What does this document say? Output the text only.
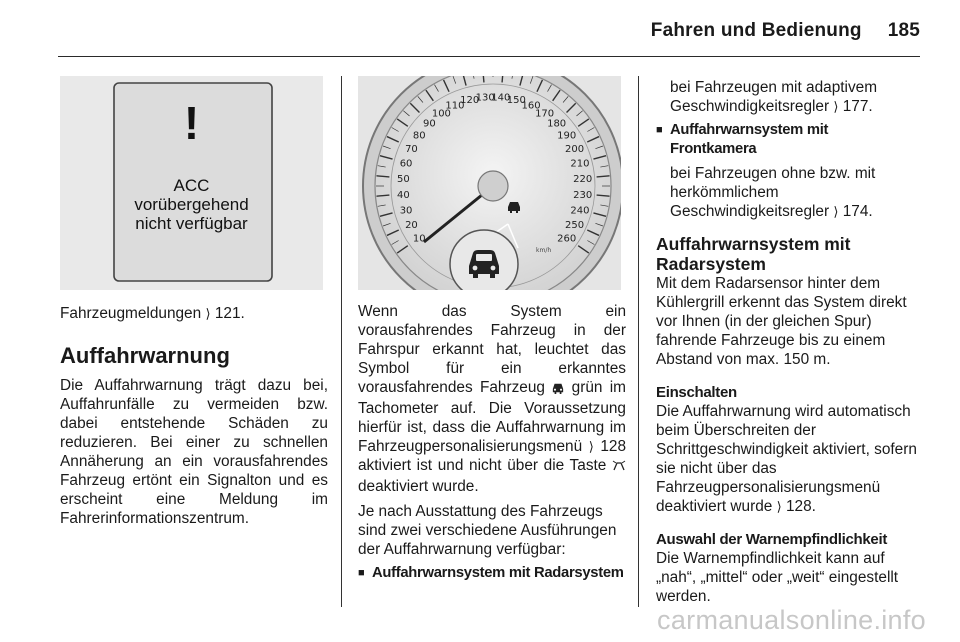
Fahren und Bedienung 185
!
ACC
vorübergehend
nicht verfügbar
10
20
30
40
50
60
70
80
90
100
110
120
130
140
150
160
170
180
190
200
210
220
230
240
250
260
km/h

Fahrzeugmeldungen ⟩ 121.

Auffahrwarnung

Die Auffahrwarnung trägt dazu bei, Auffahrunfälle zu vermeiden bzw. dabei entstehende Schäden zu reduzieren. Bei einer zu schnellen Annäherung an ein vorausfahrendes Fahrzeug ertönt ein Signalton und es erscheint eine Meldung im Fahrerinformationszentrum.

Wenn das System ein vorausfahrendes Fahrzeug in der Fahrspur erkannt hat, leuchtet das Symbol für ein erkanntes vorausfahrendes Fahrzeug grün im Tachometer auf. Die Voraussetzung hierfür ist, dass die Auffahrwarnung im Fahrzeugpersonalisierungsmenü ⟩ 128 aktiviert ist und nicht über die Taste  deaktiviert wurde.

Je nach Ausstattung des Fahrzeugs sind zwei verschiedene Ausführungen der Auffahrwarnung verfügbar:

■ Auffahrwarnsystem mit Radarsystem

bei Fahrzeugen mit adaptivem Geschwindigkeitsregler ⟩ 177.

■ Auffahrwarnsystem mit Frontkamera

bei Fahrzeugen ohne bzw. mit herkömmlichem Geschwindigkeitsregler ⟩ 174.

Auffahrwarnsystem mit Radarsystem

Mit dem Radarsensor hinter dem Kühlergrill erkennt das System direkt vor Ihnen (in der gleichen Spur) fahrende Fahrzeuge bis zu einem Abstand von max. 150 m.

Einschalten

Die Auffahrwarnung wird automatisch beim Überschreiten der Schrittgeschwindigkeit aktiviert, sofern sie nicht über das Fahrzeugpersonalisierungsmenü deaktiviert wurde ⟩ 128.

Auswahl der Warnempfindlichkeit

Die Warnempfindlichkeit kann auf „nah“, „mittel“ oder „weit“ eingestellt werden.

carmanualsonline.info
